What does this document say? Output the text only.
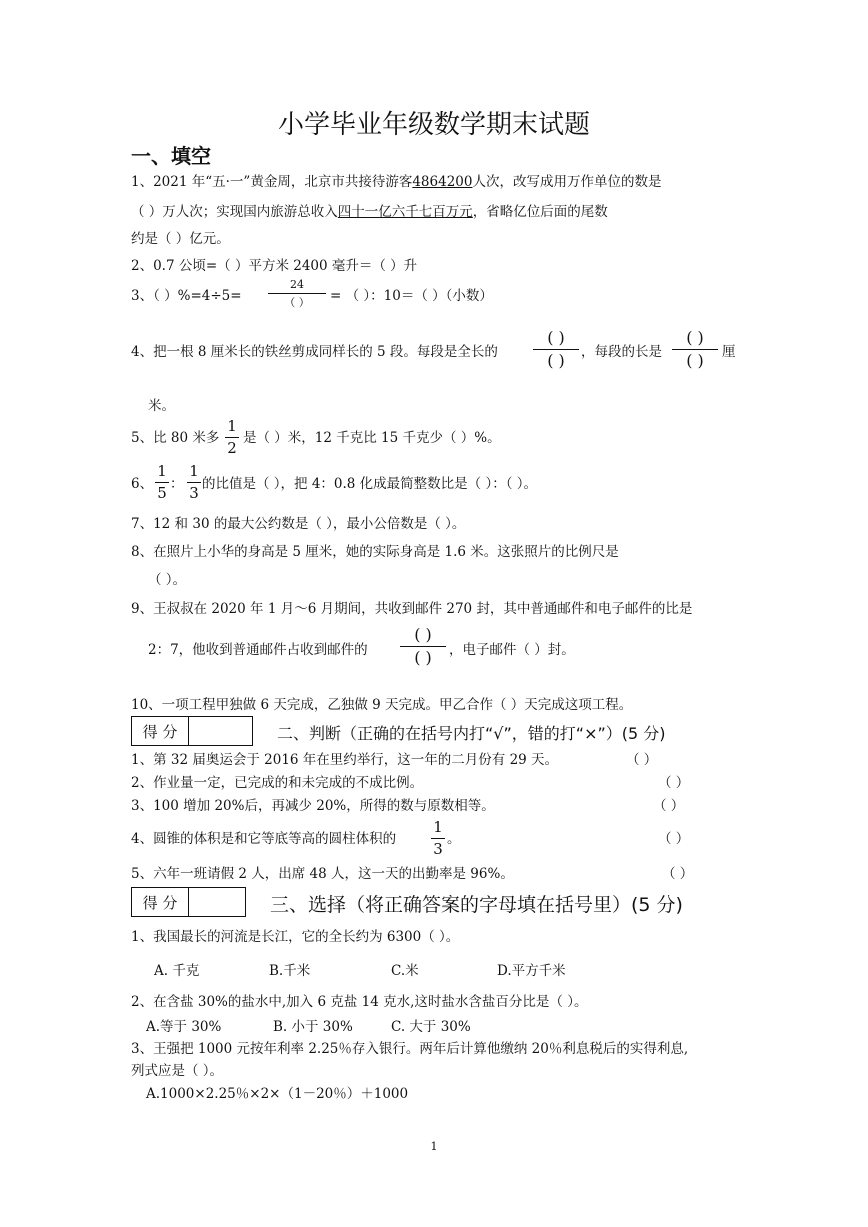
小学毕业年级数学期末试题
一、填空
1、2021 年“五·一”黄金周，北京市共接待游客4864200人次，改写成用万作单位的数是
（ ）万人次；实现国内旅游总收入四十一亿六千七百万元，省略亿位后面的尾数
约是（ ）亿元。
2、0.7 公顷=（ ）平方米 2400 毫升＝（ ）升
3、（ ）%=4÷5=
24
（ ） = （ ）：10＝（ ）（小数）
4、把一根 8 厘米长的铁丝剪成同样长的 5 段。每段是全长的
( )
( ) ，每段的长是
( )
( ) 厘
米。
5、比 80 米多
1
2
是（ ）米，12 千克比 15 千克少（ ）%。
6、
1
5 ：
1
3 的比值是（ ），把 4：0.8 化成最简整数比是（ ）：（ ）。
7、12 和 30 的最大公约数是（ ），最小公倍数是（ ）。
8、在照片上小华的身高是 5 厘米，她的实际身高是 1.6 米。这张照片的比例尺是
（ ）。
9、王叔叔在 2020 年 1 月～6 月期间，共收到邮件 270 封，其中普通邮件和电子邮件的比是
2：7，他收到普通邮件占收到邮件的
( )
( ) ，电子邮件（ ）封。
10、一项工程甲独做 6 天完成，乙独做 9 天完成。甲乙合作（ ）天完成这项工程。
得 分	二、判断（正确的在括号内打“√”，错的打“×”）(5 分)
1、第 32 届奥运会于 2016 年在里约举行，这一年的二月份有 29 天。	（ ）
2、作业量一定，已完成的和未完成的不成比例。	（ ）
3、100 增加 20%后，再减少 20%，所得的数与原数相等。	（ ）
4、圆锥的体积是和它等底等高的圆柱体积的
1
3
。	（ ）
5、六年一班请假 2 人，出席 48 人，这一天的出勤率是 96%。	（ ）
得 分	三、选择（将正确答案的字母填在括号里）(5 分)
1、我国最长的河流是长江，它的全长约为 6300（ ）。
A. 千克	B.千米	C.米	D.平方千米
2、在含盐 30%的盐水中,加入 6 克盐 14 克水,这时盐水含盐百分比是（ ）。
A.等于 30%	B. 小于 30%	C. 大于 30%
3、王强把 1000 元按年利率 2.25％存入银行。两年后计算他缴纳 20％利息税后的实得利息,
列式应是（ ）。
A.1000×2.25％×2×（1－20％）＋1000
1
